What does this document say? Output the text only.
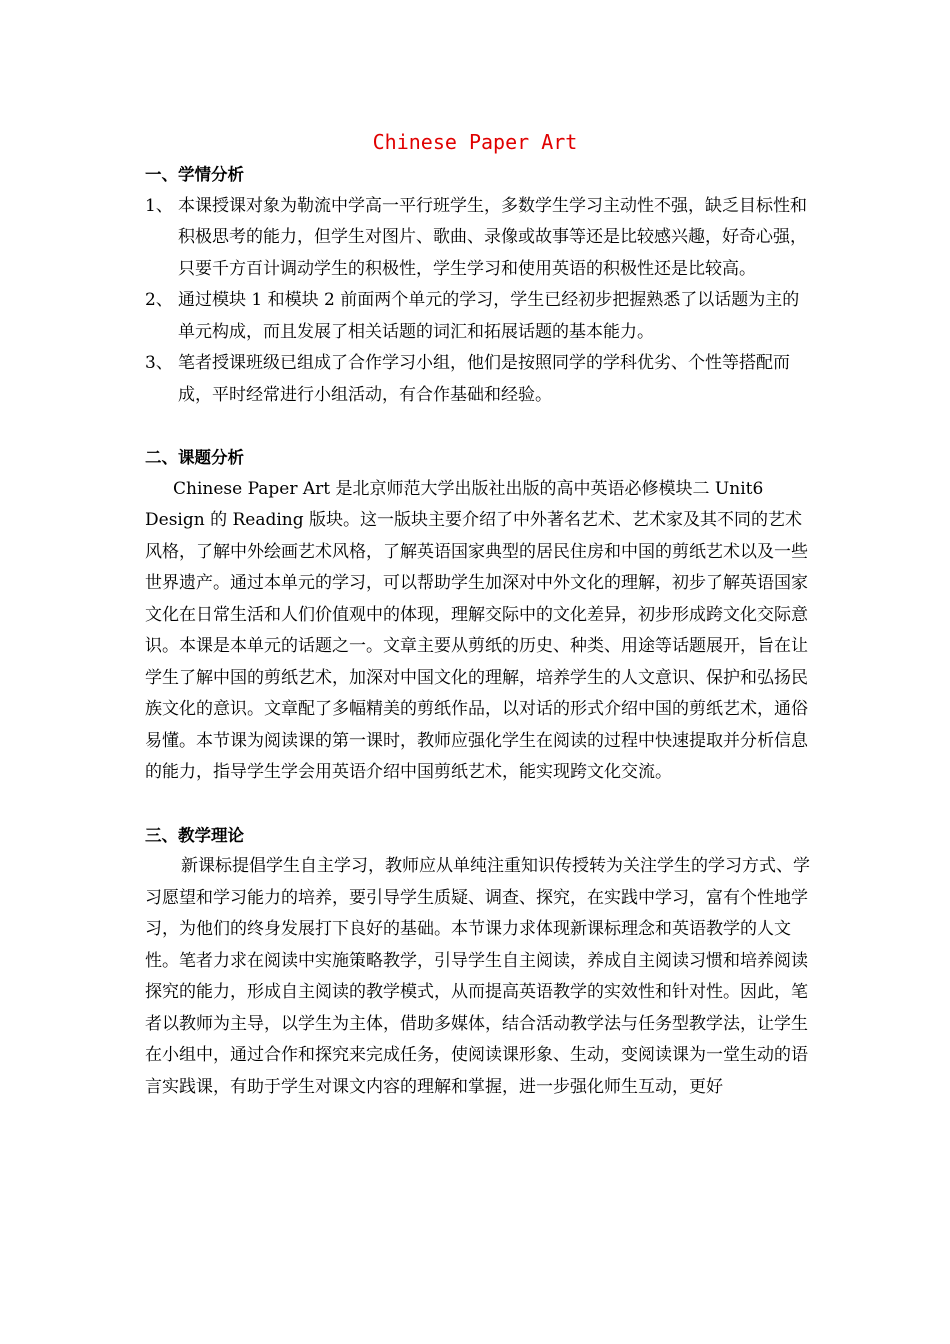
Chinese Paper Art

一、学情分析

1、 本课授课对象为勒流中学高一平行班学生，多数学生学习主动性不强，缺乏目标性和积极思考的能力，但学生对图片、歌曲、录像或故事等还是比较感兴趣，好奇心强，只要千方百计调动学生的积极性，学生学习和使用英语的积极性还是比较高。
2、 通过模块 1 和模块 2 前面两个单元的学习，学生已经初步把握熟悉了以话题为主的单元构成，而且发展了相关话题的词汇和拓展话题的基本能力。
3、 笔者授课班级已组成了合作学习小组，他们是按照同学的学科优劣、个性等搭配而成，平时经常进行小组活动，有合作基础和经验。

二、课题分析

Chinese Paper Art 是北京师范大学出版社出版的高中英语必修模块二 Unit6 Design 的 Reading 版块。这一版块主要介绍了中外著名艺术、艺术家及其不同的艺术风格，了解中外绘画艺术风格，了解英语国家典型的居民住房和中国的剪纸艺术以及一些世界遗产。通过本单元的学习，可以帮助学生加深对中外文化的理解，初步了解英语国家文化在日常生活和人们价值观中的体现，理解交际中的文化差异，初步形成跨文化交际意识。本课是本单元的话题之一。文章主要从剪纸的历史、种类、用途等话题展开，旨在让学生了解中国的剪纸艺术，加深对中国文化的理解，培养学生的人文意识、保护和弘扬民族文化的意识。文章配了多幅精美的剪纸作品，以对话的形式介绍中国的剪纸艺术，通俗易懂。本节课为阅读课的第一课时，教师应强化学生在阅读的过程中快速提取并分析信息的能力，指导学生学会用英语介绍中国剪纸艺术，能实现跨文化交流。

三、教学理论

新课标提倡学生自主学习，教师应从单纯注重知识传授转为关注学生的学习方式、学习愿望和学习能力的培养，要引导学生质疑、调查、探究，在实践中学习，富有个性地学习，为他们的终身发展打下良好的基础。本节课力求体现新课标理念和英语教学的人文性。笔者力求在阅读中实施策略教学，引导学生自主阅读，养成自主阅读习惯和培养阅读探究的能力，形成自主阅读的教学模式，从而提高英语教学的实效性和针对性。因此，笔者以教师为主导，以学生为主体，借助多媒体，结合活动教学法与任务型教学法，让学生在小组中，通过合作和探究来完成任务，使阅读课形象、生动，变阅读课为一堂生动的语言实践课，有助于学生对课文内容的理解和掌握，进一步强化师生互动，更好
